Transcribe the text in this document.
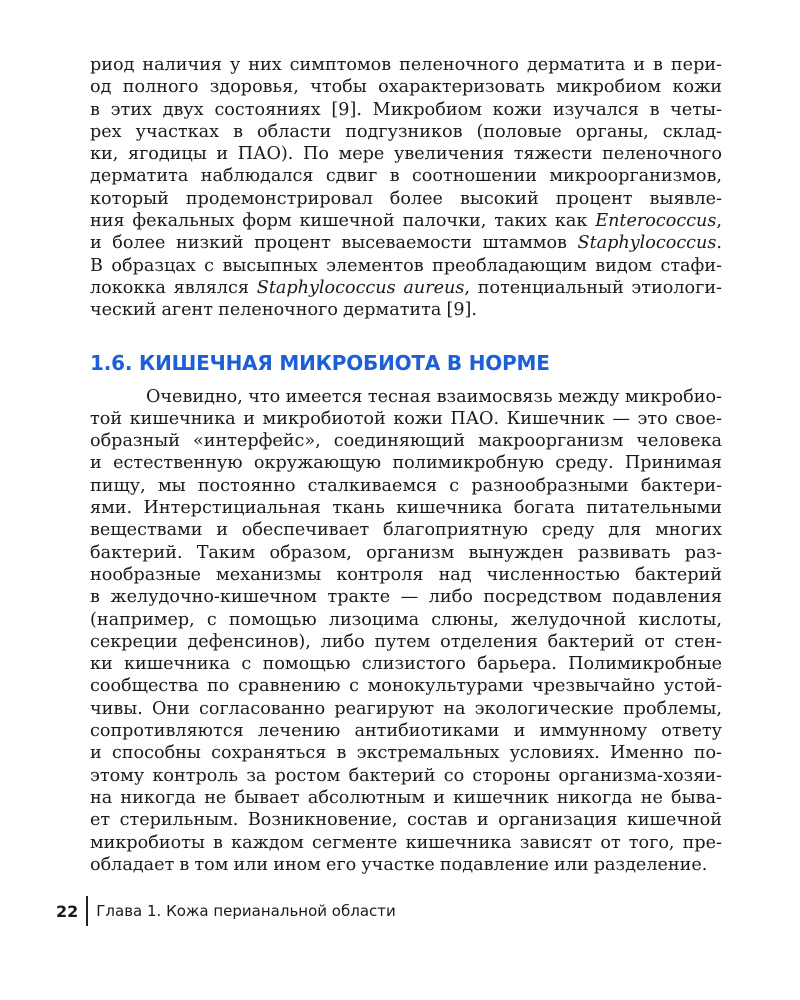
риод наличия у них симптомов пеленочного дерматита и в пери-
од полного здоровья, чтобы охарактеризовать микробиом кожи
в этих двух состояниях [9]. Микробиом кожи изучался в четы-
рех участках в области подгузников (половые органы, склад-
ки, ягодицы и ПАО). По мере увеличения тяжести пеленочного
дерматита наблюдался сдвиг в соотношении микроорганизмов,
который продемонстрировал более высокий процент выявле-
ния фекальных форм кишечной палочки, таких как Enterococcus,
и более низкий процент высеваемости штаммов Staphylococcus.
В образцах с высыпных элементов преобладающим видом стафи-
лококка являлся Staphylococcus aureus, потенциальный этиологи-
ческий агент пеленочного дерматита [9].

1.6. КИШЕЧНАЯ МИКРОБИОТА В НОРМЕ

Очевидно, что имеется тесная взаимосвязь между микробио-
той кишечника и микробиотой кожи ПАО. Кишечник — это свое-
образный «интерфейс», соединяющий макроорганизм человека
и естественную окружающую полимикробную среду. Принимая
пищу, мы постоянно сталкиваемся с разнообразными бактери-
ями. Интерстициальная ткань кишечника богата питательными
веществами и обеспечивает благоприятную среду для многих
бактерий. Таким образом, организм вынужден развивать раз-
нообразные механизмы контроля над численностью бактерий
в желудочно-кишечном тракте — либо посредством подавления
(например, с помощью лизоцима слюны, желудочной кислоты,
секреции дефенсинов), либо путем отделения бактерий от стен-
ки кишечника с помощью слизистого барьера. Полимикробные
сообщества по сравнению с монокультурами чрезвычайно устой-
чивы. Они согласованно реагируют на экологические проблемы,
сопротивляются лечению антибиотиками и иммунному ответу
и способны сохраняться в экстремальных условиях. Именно по-
этому контроль за ростом бактерий со стороны организма-хозяи-
на никогда не бывает абсолютным и кишечник никогда не быва-
ет стерильным. Возникновение, состав и организация кишечной
микробиоты в каждом сегменте кишечника зависят от того, пре-
обладает в том или ином его участке подавление или разделение.

22	Глава 1. Кожа перианальной области
